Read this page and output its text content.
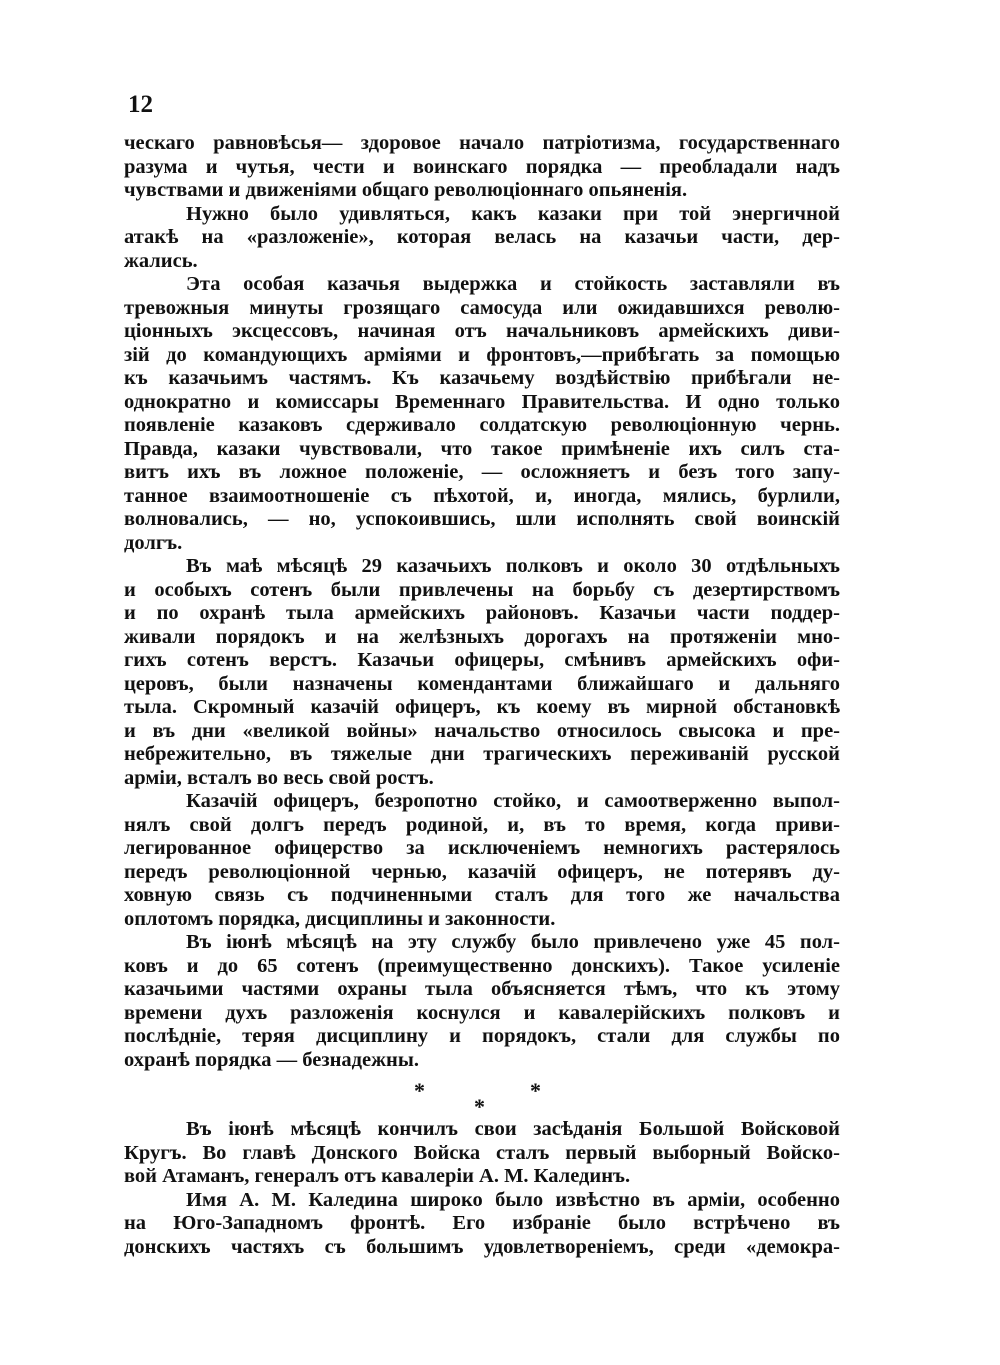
12
ческаго равновѣсья— здоровое начало патріотизма, государственнаго
разума и чутья, чести и воинскаго порядка — преобладали надъ
чувствами и движеніями общаго революціоннаго опьяненія.
Нужно было удивляться, какъ казаки при той энергичной
атакѣ на «разложеніе», которая велась на казачьи части, дер-
жались.
Эта особая казачья выдержка и стойкость заставляли въ
тревожныя минуты грозящаго самосуда или ожидавшихся револю-
ціонныхъ эксцессовъ, начиная отъ начальниковъ армейскихъ диви-
зій до командующихъ арміями и фронтовъ,—прибѣгать за помощью
къ казачьимъ частямъ. Къ казачьему воздѣйствію прибѣгали не-
однократно и комиссары Временнаго Правительства. И одно только
появленіе казаковъ сдерживало солдатскую революціонную чернь.
Правда, казаки чувствовали, что такое примѣненіе ихъ силъ ста-
витъ ихъ въ ложное положеніе, — осложняетъ и безъ того запу-
танное взаимоотношеніе съ пѣхотой, и, иногда, мялись, бурлили,
волновались, — но, успокоившись, шли исполнять свой воинскій
долгъ.
Въ маѣ мѣсяцѣ 29 казачьихъ полковъ и около 30 отдѣльныхъ
и особыхъ сотенъ были привлечены на борьбу съ дезертирствомъ
и по охранѣ тыла армейскихъ районовъ. Казачьи части поддер-
живали порядокъ и на желѣзныхъ дорогахъ на протяженіи мно-
гихъ сотенъ верстъ. Казачьи офицеры, смѣнивъ армейскихъ офи-
церовъ, были назначены комендантами ближайшаго и дальняго
тыла. Скромный казачій офицеръ, къ коему въ мирной обстановкѣ
и въ дни «великой войны» начальство относилось свысока и пре-
небрежительно, въ тяжелые дни трагическихъ переживаній русской
арміи, всталъ во весь свой ростъ.
Казачій офицеръ, безропотно стойко, и самоотверженно выпол-
нялъ свой долгъ передъ родиной, и, въ то время, когда приви-
легированное офицерство за исключеніемъ немногихъ растерялось
передъ революціонной чернью, казачій офицеръ, не потерявъ ду-
ховную связь съ подчиненными сталъ для того же начальства
оплотомъ порядка, дисциплины и законности.
Въ іюнѣ мѣсяцѣ на эту службу было привлечено уже 45 пол-
ковъ и до 65 сотенъ (преимущественно донскихъ). Такое усиленіе
казачьими частями охраны тыла объясняется тѣмъ, что къ этому
времени духъ разложенія коснулся и кавалерійскихъ полковъ и
послѣдніе, теряя дисциплину и порядокъ, стали для службы по
охранѣ порядка — безнадежны.
*	*
*
Въ іюнѣ мѣсяцѣ кончилъ свои засѣданія Большой Войсковой
Кругъ. Во главѣ Донского Войска сталъ первый выборный Войско-
вой Атаманъ, генералъ отъ кавалеріи А. М. Калединъ.
Имя А. М. Каледина широко было извѣстно въ арміи, особенно
на Юго-Западномъ фронтѣ. Его избраніе было встрѣчено въ
донскихъ частяхъ съ большимъ удовлетвореніемъ, среди «демокра-
